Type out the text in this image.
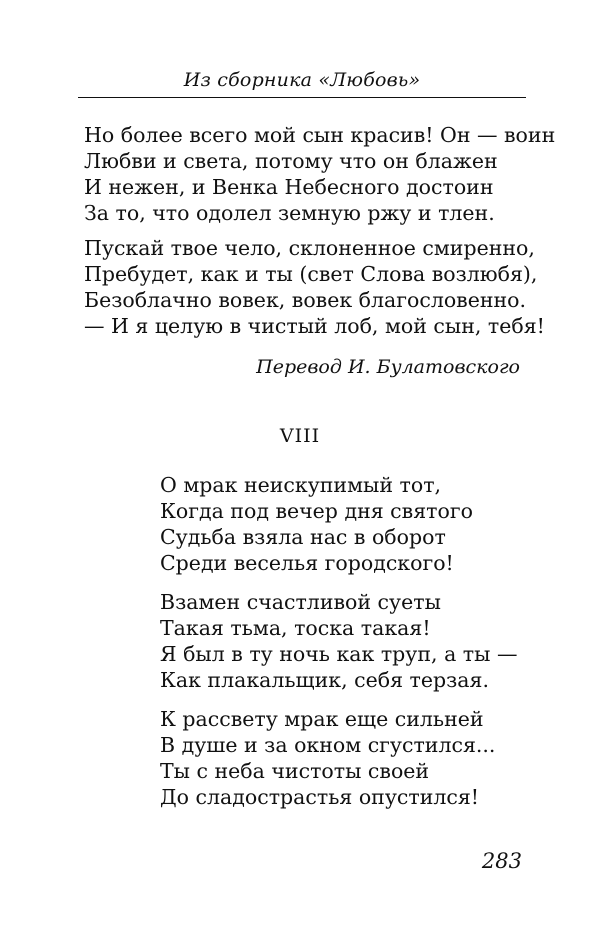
Из сборника «Любовь»
Но более всего мой сын красив! Он — воин
Любви и света, потому что он блажен
И нежен, и Венка Небесного достоин
За то, что одолел земную ржу и тлен.
Пускай твое чело, склоненное смиренно,
Пребудет, как и ты (свет Слова возлюбя),
Безоблачно вовек, вовек благословенно.
— И я целую в чистый лоб, мой сын, тебя!
Перевод И. Булатовского
VIII
О мрак неискупимый тот,
Когда под вечер дня святого
Судьба взяла нас в оборот
Среди веселья городского!
Взамен счастливой суеты
Такая тьма, тоска такая!
Я был в ту ночь как труп, а ты —
Как плакальщик, себя терзая.
К рассвету мрак еще сильней
В душе и за окном сгустился...
Ты с неба чистоты своей
До сладострастья опустился!
283
